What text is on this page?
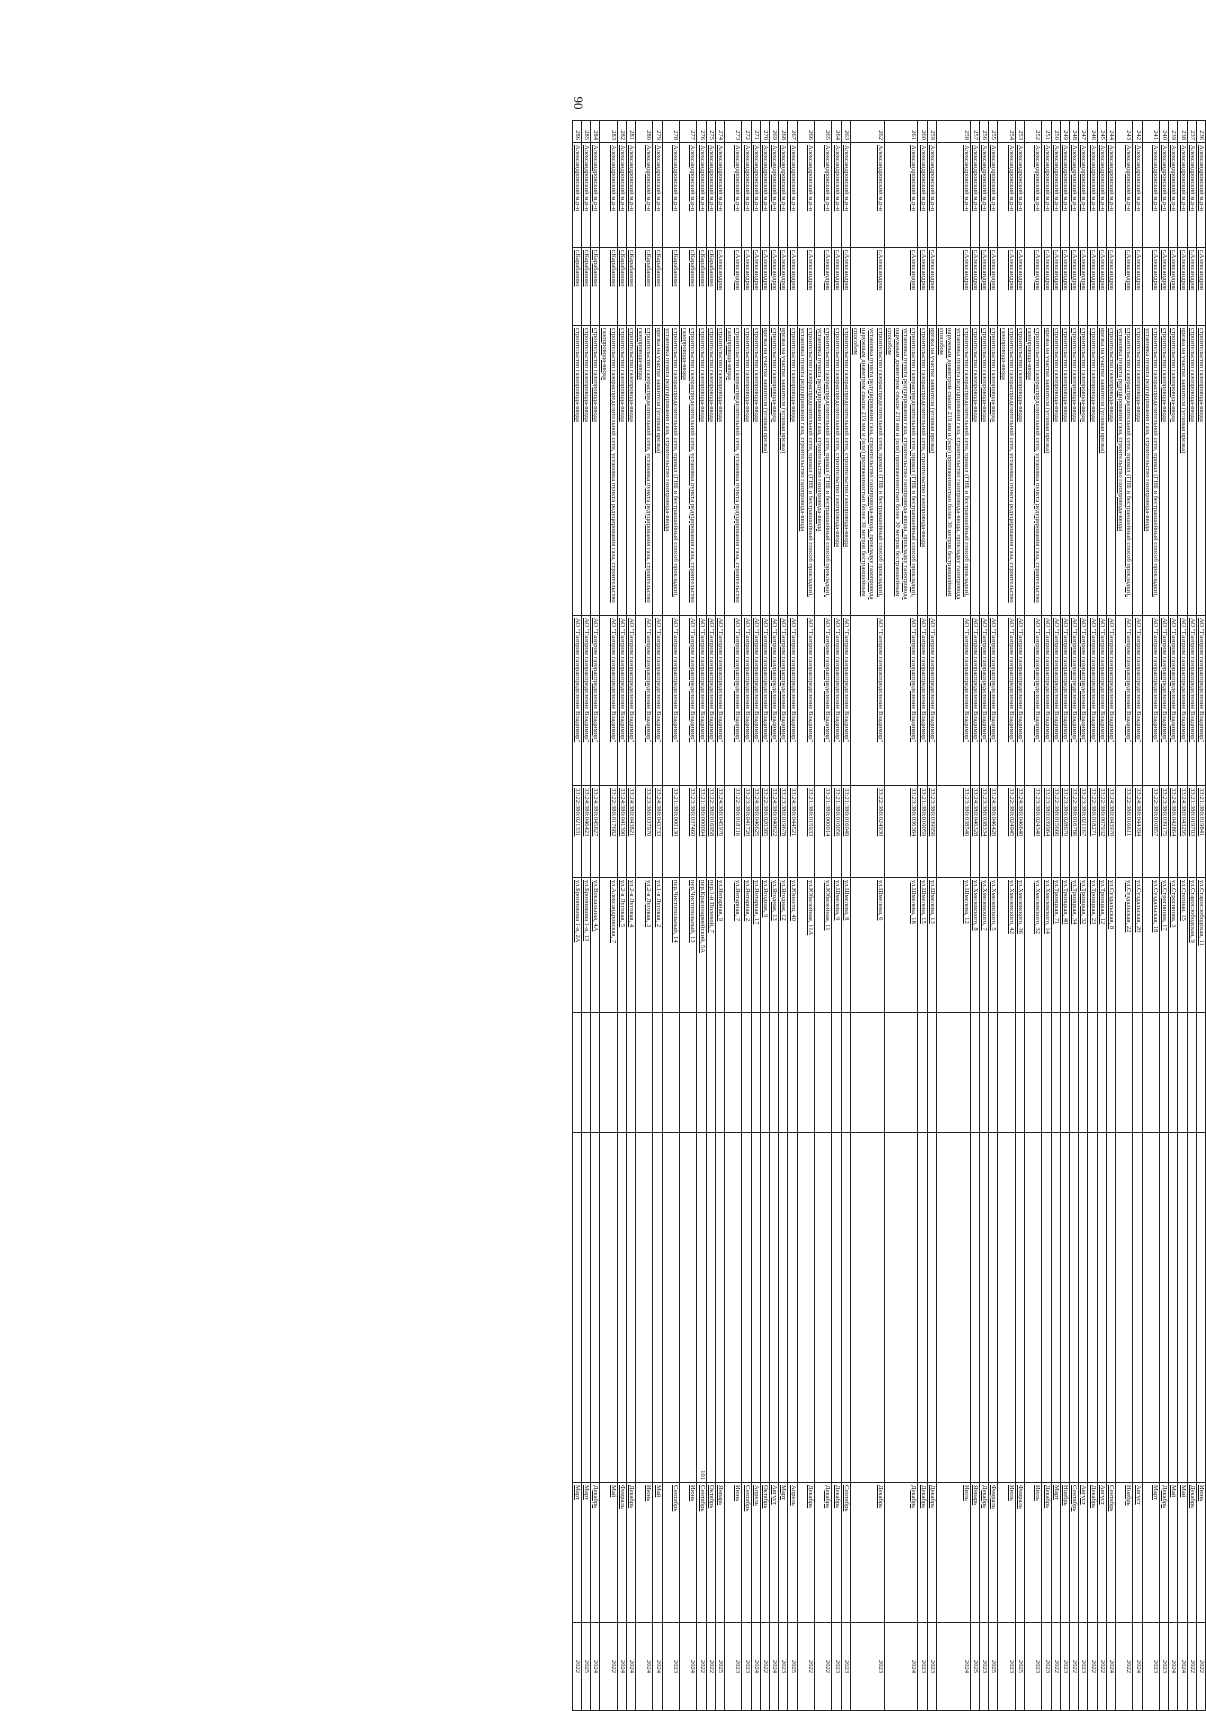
90
236	Александровский м.р-н	г.Александров	строительство газопровода-ввода	АО "Газпром газораспределение Владимир"	33:21:380:019841	ул.Старослободская, 11			Июнь	2022
237	Александровский м.р-н	г.Александров	строительство газопровода-ввода	АО "Газпром газораспределение Владимир"	33:21:380:019703	ул.Старослободская, 9			Декабрь	2022
238	Александровский м.р-н	г.Александров	врезка на участке заявителя (угловая врезка)	АО "Газпром газораспределение Владимир"	33:24:380:043295	ул.Степная, 15			Май	2024
239	Александровский м.р-н	г.Александров	строительство газопровода-ввода	АО "Газпром газораспределение Владимир"	33:24:380:042864	ул.Строгинова, 3			Май	2024
240	Александровский м.р-н	г.Александров	строительство газопровода-ввода	АО "Газпром газораспределение Владимир"	33:23:380:039175	ул.Строгинова, 17			Декабрь	2023
241	Александровский м.р-н	г.Александров	строительство газораспределительной сети, прокол (ГНБ и бестраншейный способ прокладки), установка пункта редуцирования газа, строительство газопровода-ввода	АО "Газпром газораспределение Владимир"	33:22:380:010857	ул.Суздальская, 18			Март	2023
242	Александровский м.р-н	г.Александров	строительство газопровода-ввода	АО "Газпром газораспределение Владимир"	33:24:380:044394	ул.Суздальская, 20			Август	2024
243	Александровский м.р-н	г.Александров	строительство газораспределительной сети, прокол (ГНБ и бестраншейный способ прокладки), установка пункта редуцирования газа, строительство газопровода-ввода	АО "Газпром газораспределение Владимир"	33:22:380:016611	ул.Суздальская, 22			Ноябрь	2022
244	Александровский м.р-н	г.Александров	строительство газопровода-ввода	АО "Газпром газораспределение Владимир"	33:24:380:043970	ул.Суздальская, 8			Сентябрь	2024
245	Александровский м.р-н	г.Александров	врезка на участке заявителя (угловая врезка)	АО "Газпром газораспределение Владимир"	33:22:380:007932	ул.Троицкая, 12			Август	2022
246	Александровский м.р-н	г.Александров	строительство газопровода-ввода	АО "Газпром газораспределение Владимир"	33:22:380:018271	ул.Троицкая, 23			Декабрь	2022
247	Александровский м.р-н	г.Александров	строительство газопровода-ввода	АО "Газпром газораспределение Владимир"	33:23:380:021167	ул.Троицкая, 32			Август	2023
248	Александровский м.р-н	г.Александров	строительство газопровода-ввода	АО "Газпром газораспределение Владимир"	33:22:380:016786	ул.Троицкая, 34			Сентябрь	2022
249	Александровский м.р-н	г.Александров	строительство газопровода-ввода	АО "Газпром газораспределение Владимир"	33:23:380:028670	ул.Троицкая, 40			Ноябрь	2023
250	Александровский м.р-н	г.Александров	строительство газопровода-ввода	АО "Газпром газораспределение Владимир"	33:22:380:015666	ул.Троицкая, 71			Март	2022
251	Александровский м.р-н	г.Александров	врезка на участке заявителя (угловая врезка)	АО "Газпром газораспределение Владимир"	33:23:380:039964	ул.Хмелевского, 14			Декабрь	2023
252	Александровский м.р-н	г.Александров	строительство газораспределительной сети, установка пункта редуцирования газа, строительство газопровода-ввода	АО "Газпром газораспределение Владимир"	33:23:380:024340	ул.Хмелевского, 32			Июль	2023
253	Александровский м.р-н	г.Александров	строительство газопровода-ввода	АО "Газпром газораспределение Владимир"	33:24:380:046640	ул.Хмелевского, 36			Февраль	2025
254	Александровский м.р-н	г.Александров	строительство газораспределительной сети, установка пункта редуцирования газа, строительство газопровода-ввода	АО "Газпром газораспределение Владимир"	33:22:380:024945	ул.Хмелевского, 42			Июль	2023
255	Александровский м.р-н	г.Александров	строительство газопровода-ввода	АО "Газпром газораспределение Владимир"	33:24:380:046420	ул.Хмелевского, 5			Февраль	2025
256	Александровский м.р-н	г.Александров	строительство газопровода-ввода	АО "Газпром газораспределение Владимир"	33:23:380:038334	ул.Хмелевского, 7			Декабрь	2023
257	Александровский м.р-н	г.Александров	строительство газопровода-ввода	АО "Газпром газораспределение Владимир"	33:24:380:046328	ул.Хмелевского, 8			Январь	2025
258	Александровский м.р-н	г.Александров	строительство газораспределительной сети, прокол (ГНБ и бестраншейный способ прокладки), установка пункта редуцирования газа, строительство газопровода-ввода, прокладку газопровода наружным диаметром свыше 219 мм и (или) протяженностью более 30 метров бестраншейным способом	АО "Газпром газораспределение Владимир"	33:23:380:038540	ул.Шмелева, 12			Июль	2024
259	Александровский м.р-н	г.Александров	врезка на участке заявителя (угловая врезка)	АО "Газпром газораспределение Владимир"	33:23:380:039956	ул.Шмелева, 13			Декабрь	2023
260	Александровский м.р-н	г.Александров	строительство газораспределительной сети, строительство газопровода-ввода	АО "Газпром газораспределение Владимир"	33:21:380:010059	ул.Шмелева, 15			Декабрь	2023
261	Александровский м.р-н	г.Александров	строительство газораспределительной сети, прокол (ГНБ и бестраншейный способ прокладки), установка пункта редуцирования газа, строительство газопровода-ввода, прокладку газопровода наружным диаметром свыше 219 мм и (или) протяженностью более 30 метров бестраншейным способом	АО "Газпром газораспределение Владимир"	33:23:380:036384	ул.Шмелева, 18			Декабрь	2024
262	Александровский м.р-н	г.Александров	строительство газораспределительной сети, прокол (ГНБ и бестраншейный способ прокладки), установка пункта редуцирования газа, строительство газопровода-ввода, прокладку газопровода наружным диаметром свыше 219 мм и (или) протяженностью более 30 метров бестраншейным способом	АО "Газпром газораспределение Владимир"	33:22:380:024930	ул.Шмелева, 6			Декабрь	2023
263	Александровский м.р-н	г.Александров	строительство газораспределительной сети, строительство газопровода-ввода	АО "Газпром газораспределение Владимир"	33:21:380:016049	ул.Шмелева, 8			Сентябрь	2023
264	Александровский м.р-н	г.Александров	строительство газораспределительной сети, строительство газопровода-ввода	АО "Газпром газораспределение Владимир"	33:21:380:010056	ул.Шмелева, 9			Декабрь	2023
265	Александровский м.р-н	г.Александров	строительство газораспределительной сети, прокол (ГНБ и бестраншейный способ прокладки), установка пункта редуцирования газа, строительство газопровода-ввода	АО "Газпром газораспределение Владимир"	33:21:380:000014	ул.Юбилейная, 11			Декабрь	2022
266	Александровский м.р-н	г.Александров	строительство газораспределительной сети, прокол (ГНБ и бестраншейный способ прокладки), установка пункта редуцирования газа, строительство газопровода-ввода	АО "Газпром газораспределение Владимир"	33:21:380:015933	ул.Юбилейная, 11А			Декабрь	2022
267	Александровский м.р-н	г.Александров	строительство газопровода-ввода	АО "Газпром газораспределение Владимир"	33:24:380:044521	ул.Юности, 40			Апрель	2025
268	Александровский м.р-н	г.Александров	врезка на участке заявителя (угловая врезка)	АО "Газпром газораспределение Владимир"	33:23:380:019678	ул.Ягодная, 12			Март	2023
269	Александровский м.р-н	г.Александров	строительство газопровода-ввода	АО "Газпром газораспределение Владимир"	33:24:380:040622	ул.Ягодная, 13			Август	2024
270	Александровский м.р-н	г.Александров	врезка на участке заявителя (угловая врезка)	АО "Газпром газораспределение Владимир"	33:22:380:020385	ул.Ягодная, 9			Октябрь	2022
271	Александровский м.р-н	г.Александров	строительство газопровода-ввода	АО "Газпром газораспределение Владимир"	33:24:380:046625	ул.Янтарная, 17			Апрель	2024
272	Александровский м.р-н	г.Александров	строительство газопровода-ввода	АО "Газпром газораспределение Владимир"	33:23:380:041720	ул.Янтарная, 2			Сентябрь	2023
273	Александровский м.р-н	г.Александров	строительство газораспределительной сети, установка пункта редуцирования газа, строительство газопровода-ввода	АО "Газпром газораспределение Владимир"	33:22:380:018116	ул.Янтарная, 7			Июнь	2023
274	Александровский м.р-н	г.Александров	строительство газопровода-ввода	АО "Газпром газораспределение Владимир"	33:24:380:045976	ул.Янтарная, 9			Январь	2025
275	Александровский м.р-н	г.Карабаново	строительство газопровода-ввода	АО "Газпром газораспределение Владимир"	33:22:380:016958	пер.1-й Полевой, 7			Октябрь	2022
276	Александровский м.р-н	г.Карабаново	строительство газопровода-ввода	АО "Газпром газораспределение Владимир"	33:21:380:000094	пер.Красноармейский, 5А		101	Сентябрь	2022
277	Александровский м.р-н	г.Карабаново	строительство газораспределительной сети, установка пункта редуцирования газа, строительство газопровода-ввода	АО "Газпром газораспределение Владимир"	33:23:380:037460	пер.Чистопольный, 13			Июнь	2024
278	Александровский м.р-н	г.Карабаново	строительство газораспределительной сети, прокол (ГНБ и бестраншейный способ прокладки), установка пункта редуцирования газа, строительство газопровода-ввода	АО "Газпром газораспределение Владимир"	33:21:380:000130	пер.Чистопольный, 14			Сентябрь	2023
279	Александровский м.р-н	г.Карабаново	врезка на участке заявителя (угловая врезка)	АО "Газпром газораспределение Владимир"	33:24:380:043733	ул.1-я Луговая, 2			Май	2024
280	Александровский м.р-н	г.Карабаново	строительство газораспределительной сети, установка пункта редуцирования газа, строительство газопровода-ввода	АО "Газпром газораспределение Владимир"	33:23:380:037970	ул.2-я Луговая, 3			Июнь	2024
281	Александровский м.р-н	г.Карабаново	строительство газопровода-ввода	АО "Газпром газораспределение Владимир"	33:24:380:043821	ул.2-я Луговая, 4			Декабрь	2024
282	Александровский м.р-н	г.Карабаново	строительство газопровода-ввода	АО "Газпром газораспределение Владимир"	33:24:380:041390	ул.2-я Луговая, 5			Февраль	2024
283	Александровский м.р-н	г.Карабаново	строительство газораспределительной сети, установка пункта редуцирования газа, строительство газопровода-ввода	АО "Газпром газораспределение Владимир"	33:22:380:017682	ул.Александровская, 7			Май	2022
284	Александровский м.р-н	г.Карабаново	строительство газопровода-ввода	АО "Газпром газораспределение Владимир"	33:24:380:045827	ул.Вокзальная, 4А			Декабрь	2024
285	Александровский м.р-н	г.Карабаново	строительство газопровода-ввода	АО "Газпром газораспределение Владимир"	33:24:380:046423	ул.Бронникова 1-я, 13			Март	2025
286	Александровский м.р-н	г.Карабаново	строительство газопровода-ввода	АО "Газпром газораспределение Владимир"	33:22:380:021331	ул.Бронникова 1-я, 2А			Март	2022
